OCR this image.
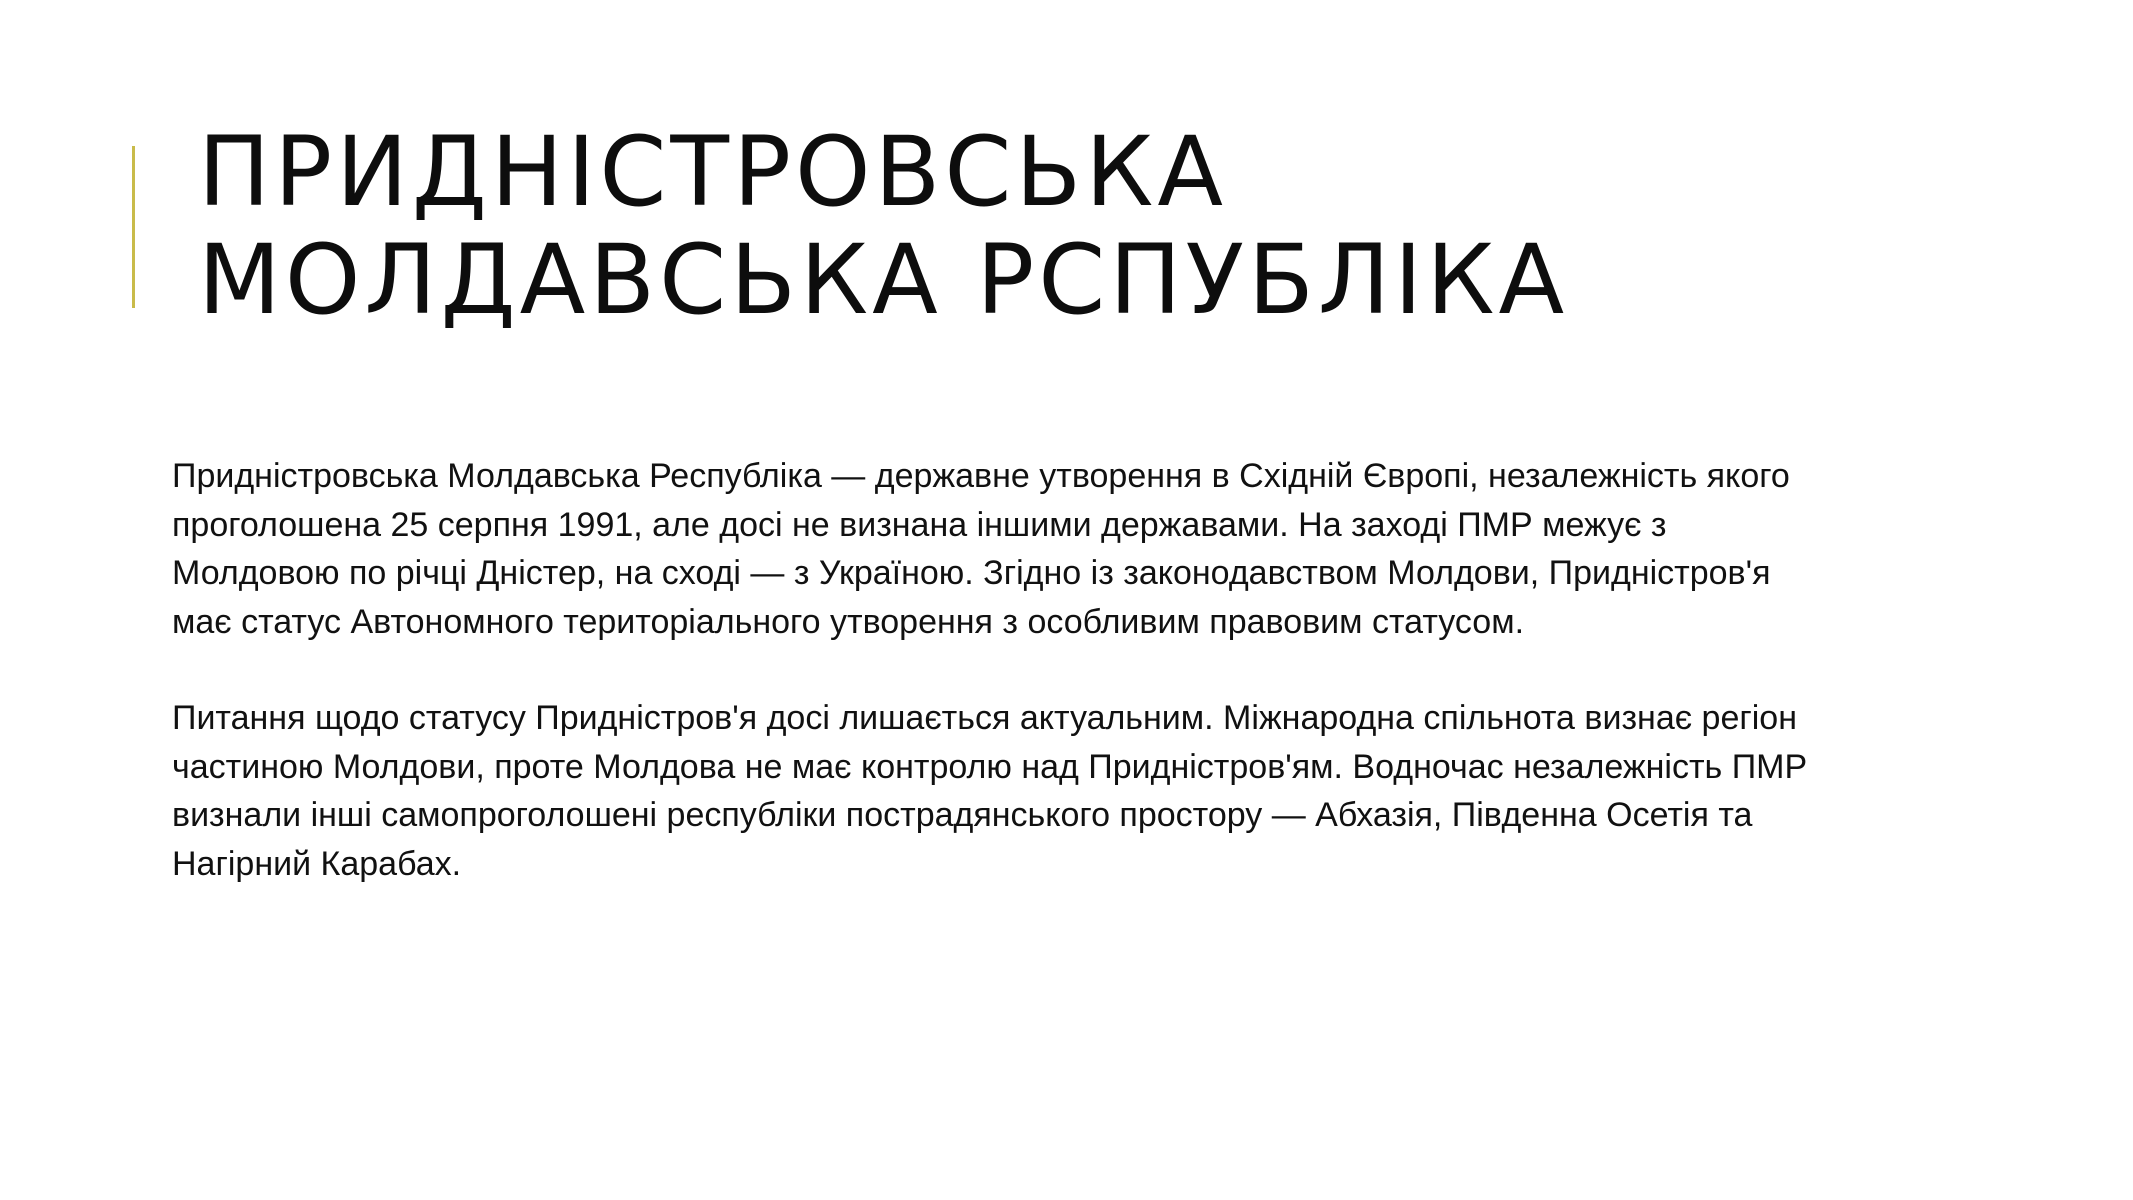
ПРИДНІСТРОВСЬКА
МОЛДАВСЬКА РСПУБЛІКА

Придністровська Молдавська Республіка — державне утворення в Східній Європі, незалежність якого
проголошена 25 серпня 1991, але досі не визнана іншими державами. На заході ПМР межує з
Молдовою по річці Дністер, на сході — з Україною. Згідно із законодавством Молдови, Придністров'я
має статус Автономного територіального утворення з особливим правовим статусом.

Питання щодо статусу Придністров'я досі лишається актуальним. Міжнародна спільнота визнає регіон
частиною Молдови, проте Молдова не має контролю над Придністров'ям. Водночас незалежність ПМР
визнали інші самопроголошені республіки пострадянського простору — Абхазія, Південна Осетія та
Нагірний Карабах.
